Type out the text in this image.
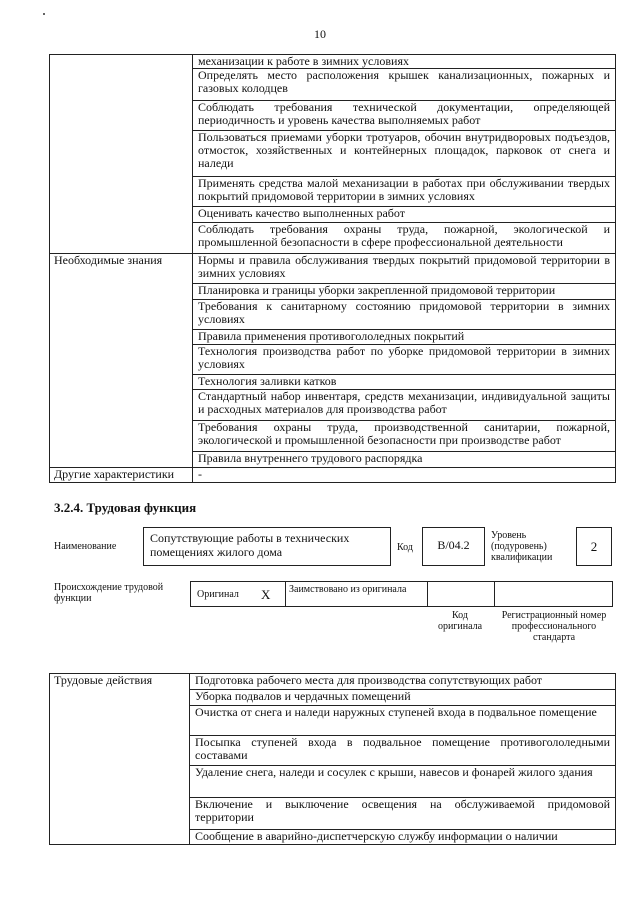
10
	механизации к работе в зимних условиях
	Определять место расположения крышек канализационных, пожарных и газовых колодцев
	Соблюдать требования технической документации, определяющей периодичность и уровень качества выполняемых работ
	Пользоваться приемами уборки тротуаров, обочин внутридворовых подъездов, отмосток, хозяйственных и контейнерных площадок, парковок от снега и наледи
	Применять средства малой механизации в работах при обслуживании твердых покрытий придомовой территории в зимних условиях
	Оценивать качество выполненных работ
	Соблюдать требования охраны труда, пожарной, экологической и промышленной безопасности в сфере профессиональной деятельности
Необходимые знания	Нормы и правила обслуживания твердых покрытий придомовой территории в зимних условиях
	Планировка и границы уборки закрепленной придомовой территории
	Требования к санитарному состоянию придомовой территории в зимних условиях
	Правила применения противогололедных покрытий
	Технология производства работ по уборке придомовой территории в зимних условиях
	Технология заливки катков
	Стандартный набор инвентаря, средств механизации, индивидуальной защиты и расходных материалов для производства работ
	Требования охраны труда, производственной санитарии, пожарной, экологической и промышленной безопасности при производстве работ
	Правила внутреннего трудового распорядка
Другие характеристики	-
3.2.4. Трудовая функция
Наименование
Сопутствующие работы в технических помещениях жилого дома	Код	B/04.2
Уровень (подуровень) квалификации
2
Происхождение трудовой функции	Оригинал X Заимствовано из оригинала
Код оригинала
Регистрационный номер профессионального стандарта
Трудовые действия	Подготовка рабочего места для производства сопутствующих работ
Уборка подвалов и чердачных помещений
Очистка от снега и наледи наружных ступеней входа в подвальное помещение
Посыпка ступеней входа в подвальное помещение противогололедными составами
Удаление снега, наледи и сосулек с крыши, навесов и фонарей жилого здания
Включение и выключение освещения на обслуживаемой придомовой территории
Сообщение в аварийно-диспетчерскую службу информации о наличии
